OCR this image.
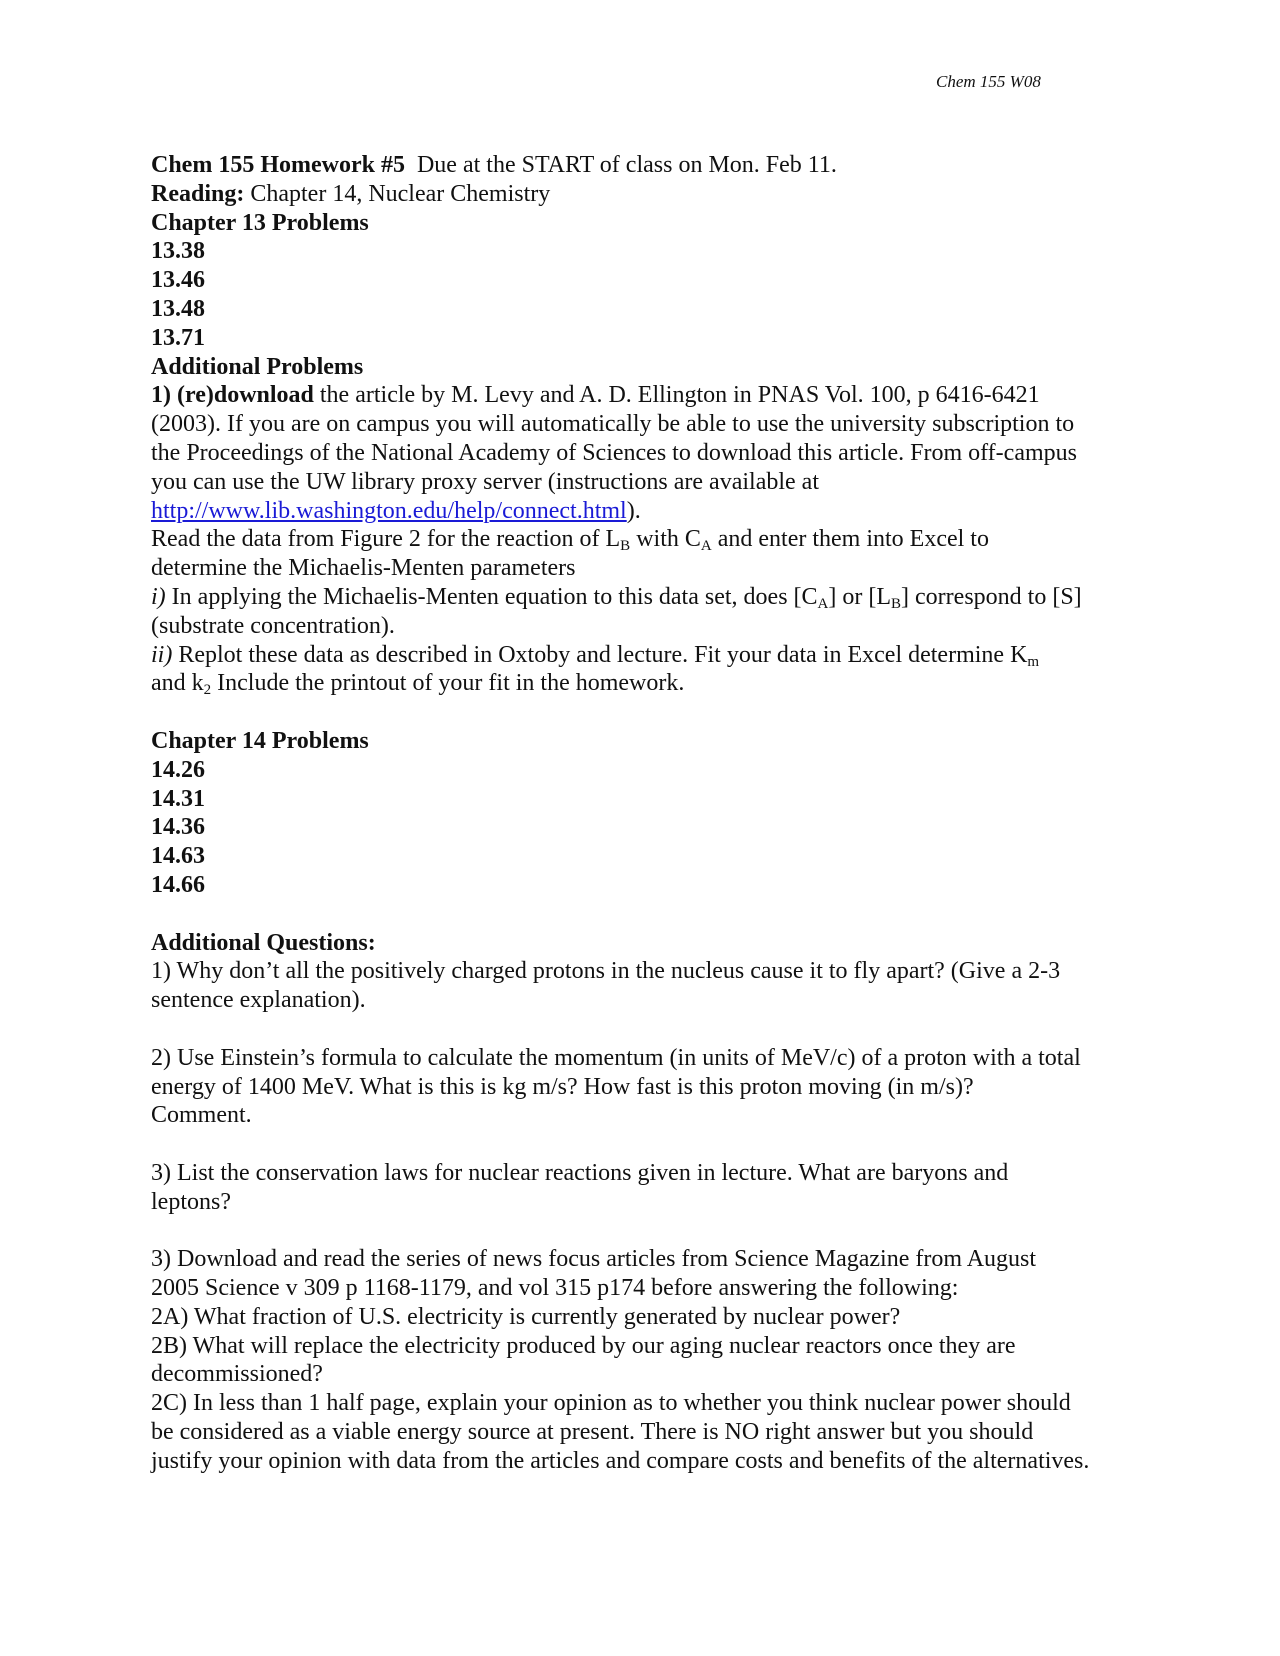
Chem 155 W08

Chem 155 Homework #5 Due at the START of class on Mon. Feb 11.

Reading: Chapter 14, Nuclear Chemistry

Chapter 13 Problems

13.38

13.46

13.48

13.71

Additional Problems

1) (re)download the article by M. Levy and A. D. Ellington in PNAS Vol. 100, p 6416-6421

(2003). If you are on campus you will automatically be able to use the university subscription to

the Proceedings of the National Academy of Sciences to download this article. From off-campus

you can use the UW library proxy server (instructions are available at

http://www.lib.washington.edu/help/connect.html).

Read the data from Figure 2 for the reaction of $L_B$ with $C_A$ and enter them into Excel to

determine the Michaelis-Menten parameters

i) In applying the Michaelis-Menten equation to this data set, does $[C_A]$ or $[L_B]$ correspond to [S]

(substrate concentration).

ii) Replot these data as described in Oxtoby and lecture. Fit your data in Excel determine $K_m$

and $k_2$ Include the printout of your fit in the homework.

Chapter 14 Problems

14.26

14.31

14.36

14.63

14.66

Additional Questions:

1) Why don’t all the positively charged protons in the nucleus cause it to fly apart? (Give a 2-3

sentence explanation).

2) Use Einstein’s formula to calculate the momentum (in units of MeV/c) of a proton with a total

energy of 1400 MeV. What is this is kg m/s? How fast is this proton moving (in m/s)?

Comment.

3) List the conservation laws for nuclear reactions given in lecture. What are baryons and

leptons?

3) Download and read the series of news focus articles from Science Magazine from August

2005 Science v 309 p 1168-1179, and vol 315 p174 before answering the following:

2A) What fraction of U.S. electricity is currently generated by nuclear power?

2B) What will replace the electricity produced by our aging nuclear reactors once they are

decommissioned?

2C) In less than 1 half page, explain your opinion as to whether you think nuclear power should

be considered as a viable energy source at present. There is NO right answer but you should

justify your opinion with data from the articles and compare costs and benefits of the alternatives.
